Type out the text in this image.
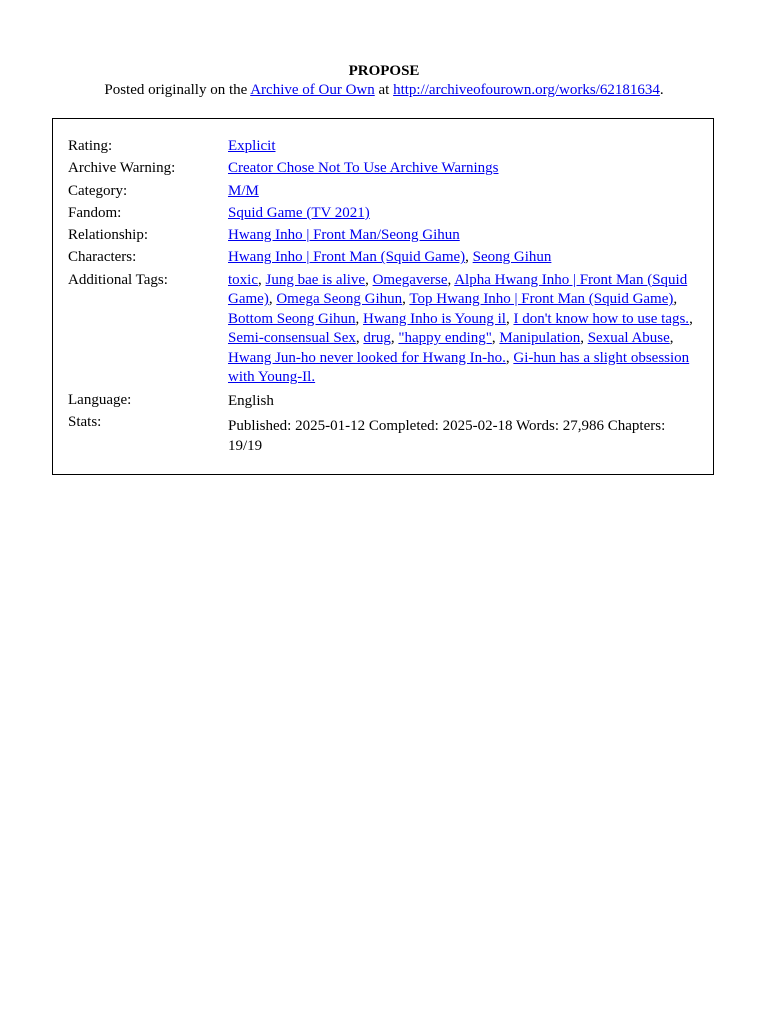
PROPOSE

Posted originally on the Archive of Our Own at http://archiveofourown.org/works/62181634.

Rating:	Explicit
Archive Warning:	Creator Chose Not To Use Archive Warnings
Category:	M/M
Fandom:	Squid Game (TV 2021)
Relationship:	Hwang Inho | Front Man/Seong Gihun
Characters:	Hwang Inho | Front Man (Squid Game), Seong Gihun
Additional Tags:	toxic, Jung bae is alive, Omegaverse, Alpha Hwang Inho | Front Man (Squid Game), Omega Seong Gihun, Top Hwang Inho | Front Man (Squid Game), Bottom Seong Gihun, Hwang Inho is Young il, I don't know how to use tags., Semi-consensual Sex, drug, "happy ending", Manipulation, Sexual Abuse, Hwang Jun-ho never looked for Hwang In-ho., Gi-hun has a slight obsession with Young-Il.
Language:	English
Stats:	Published: 2025-01-12 Completed: 2025-02-18 Words: 27,986 Chapters: 19/19
